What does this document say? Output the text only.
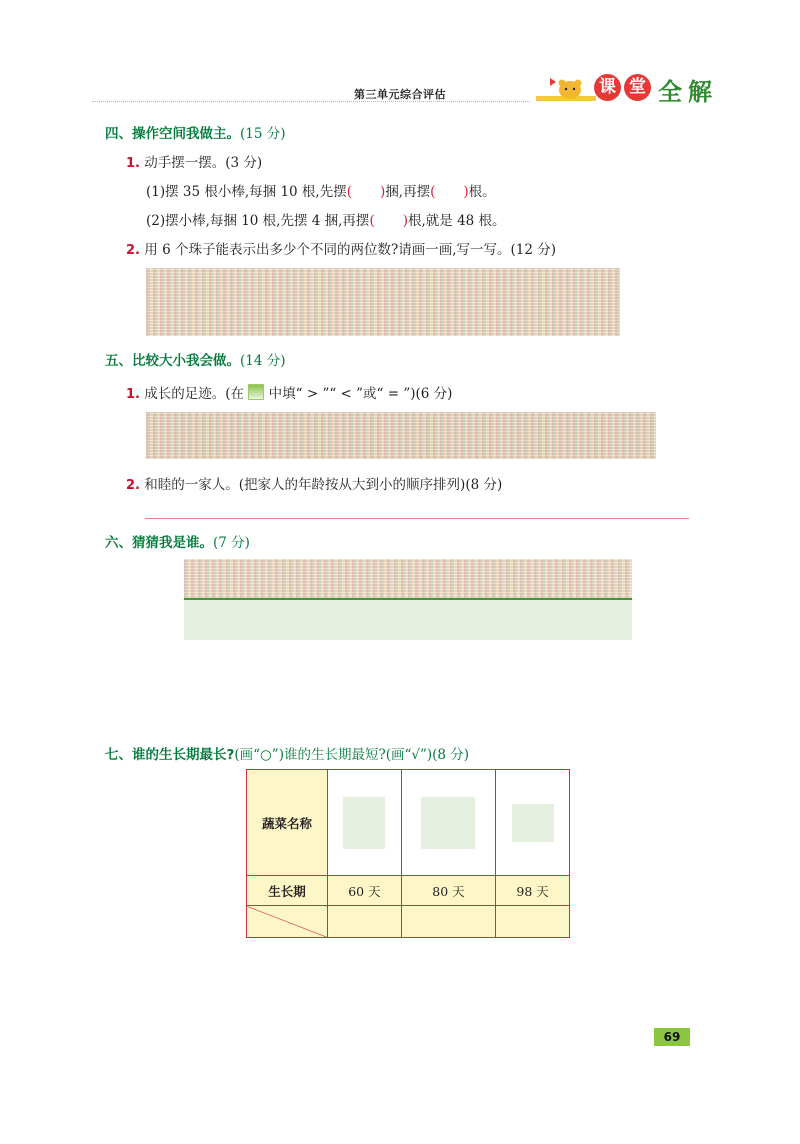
第三单元综合评估	课 堂 全 解
四、操作空间我做主。(15 分)
1. 动手摆一摆。(3 分)
(1)摆 35 根小棒,每捆 10 根,先摆( )捆,再摆( )根。
(2)摆小棒,每捆 10 根,先摆 4 捆,再摆( )根,就是 48 根。
2. 用 6 个珠子能表示出多少个不同的两位数?请画一画,写一写。(12 分)
五、比较大小我会做。(14 分)
1. 成长的足迹。(在 中填“ > ”“ < ”或“ = ”)(6 分)
2. 和睦的一家人。(把家人的年龄按从大到小的顺序排列)(8 分)
六、猜猜我是谁。(7 分)
七、谁的生长期最长?(画“○”)谁的生长期最短?(画“√”)(8 分)
蔬菜名称	

生长期	60 天	80 天	98 天

69
